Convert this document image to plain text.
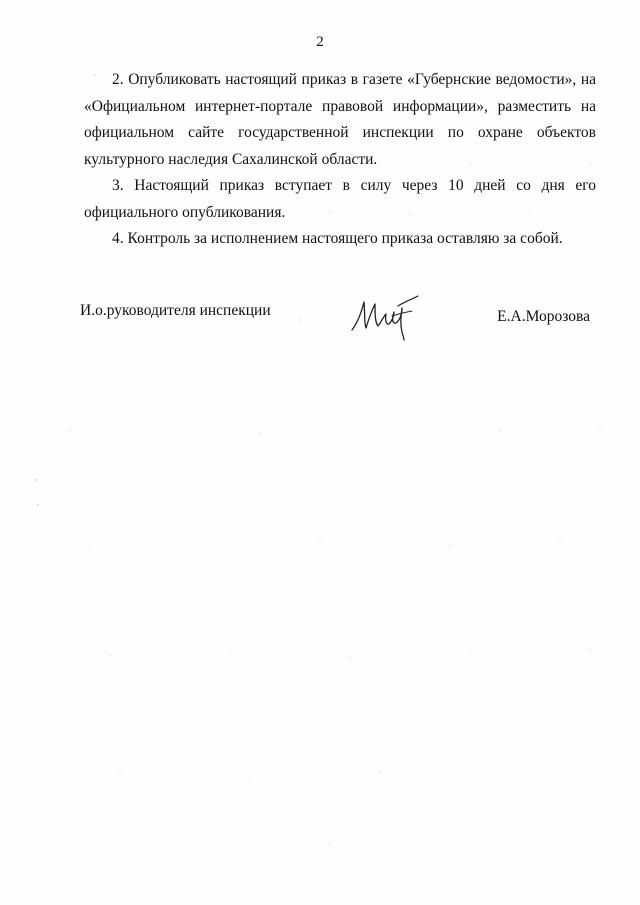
2

2. Опубликовать настоящий приказ в газете «Губернские ведомости», на «Официальном интернет-портале правовой информации», разместить на официальном сайте государственной инспекции по охране объектов культурного наследия Сахалинской области.

3. Настоящий приказ вступает в силу через 10 дней со дня его официального опубликования.

4. Контроль за исполнением настоящего приказа оставляю за собой.

И.о.руководителя инспекции	Е.А.Морозова
